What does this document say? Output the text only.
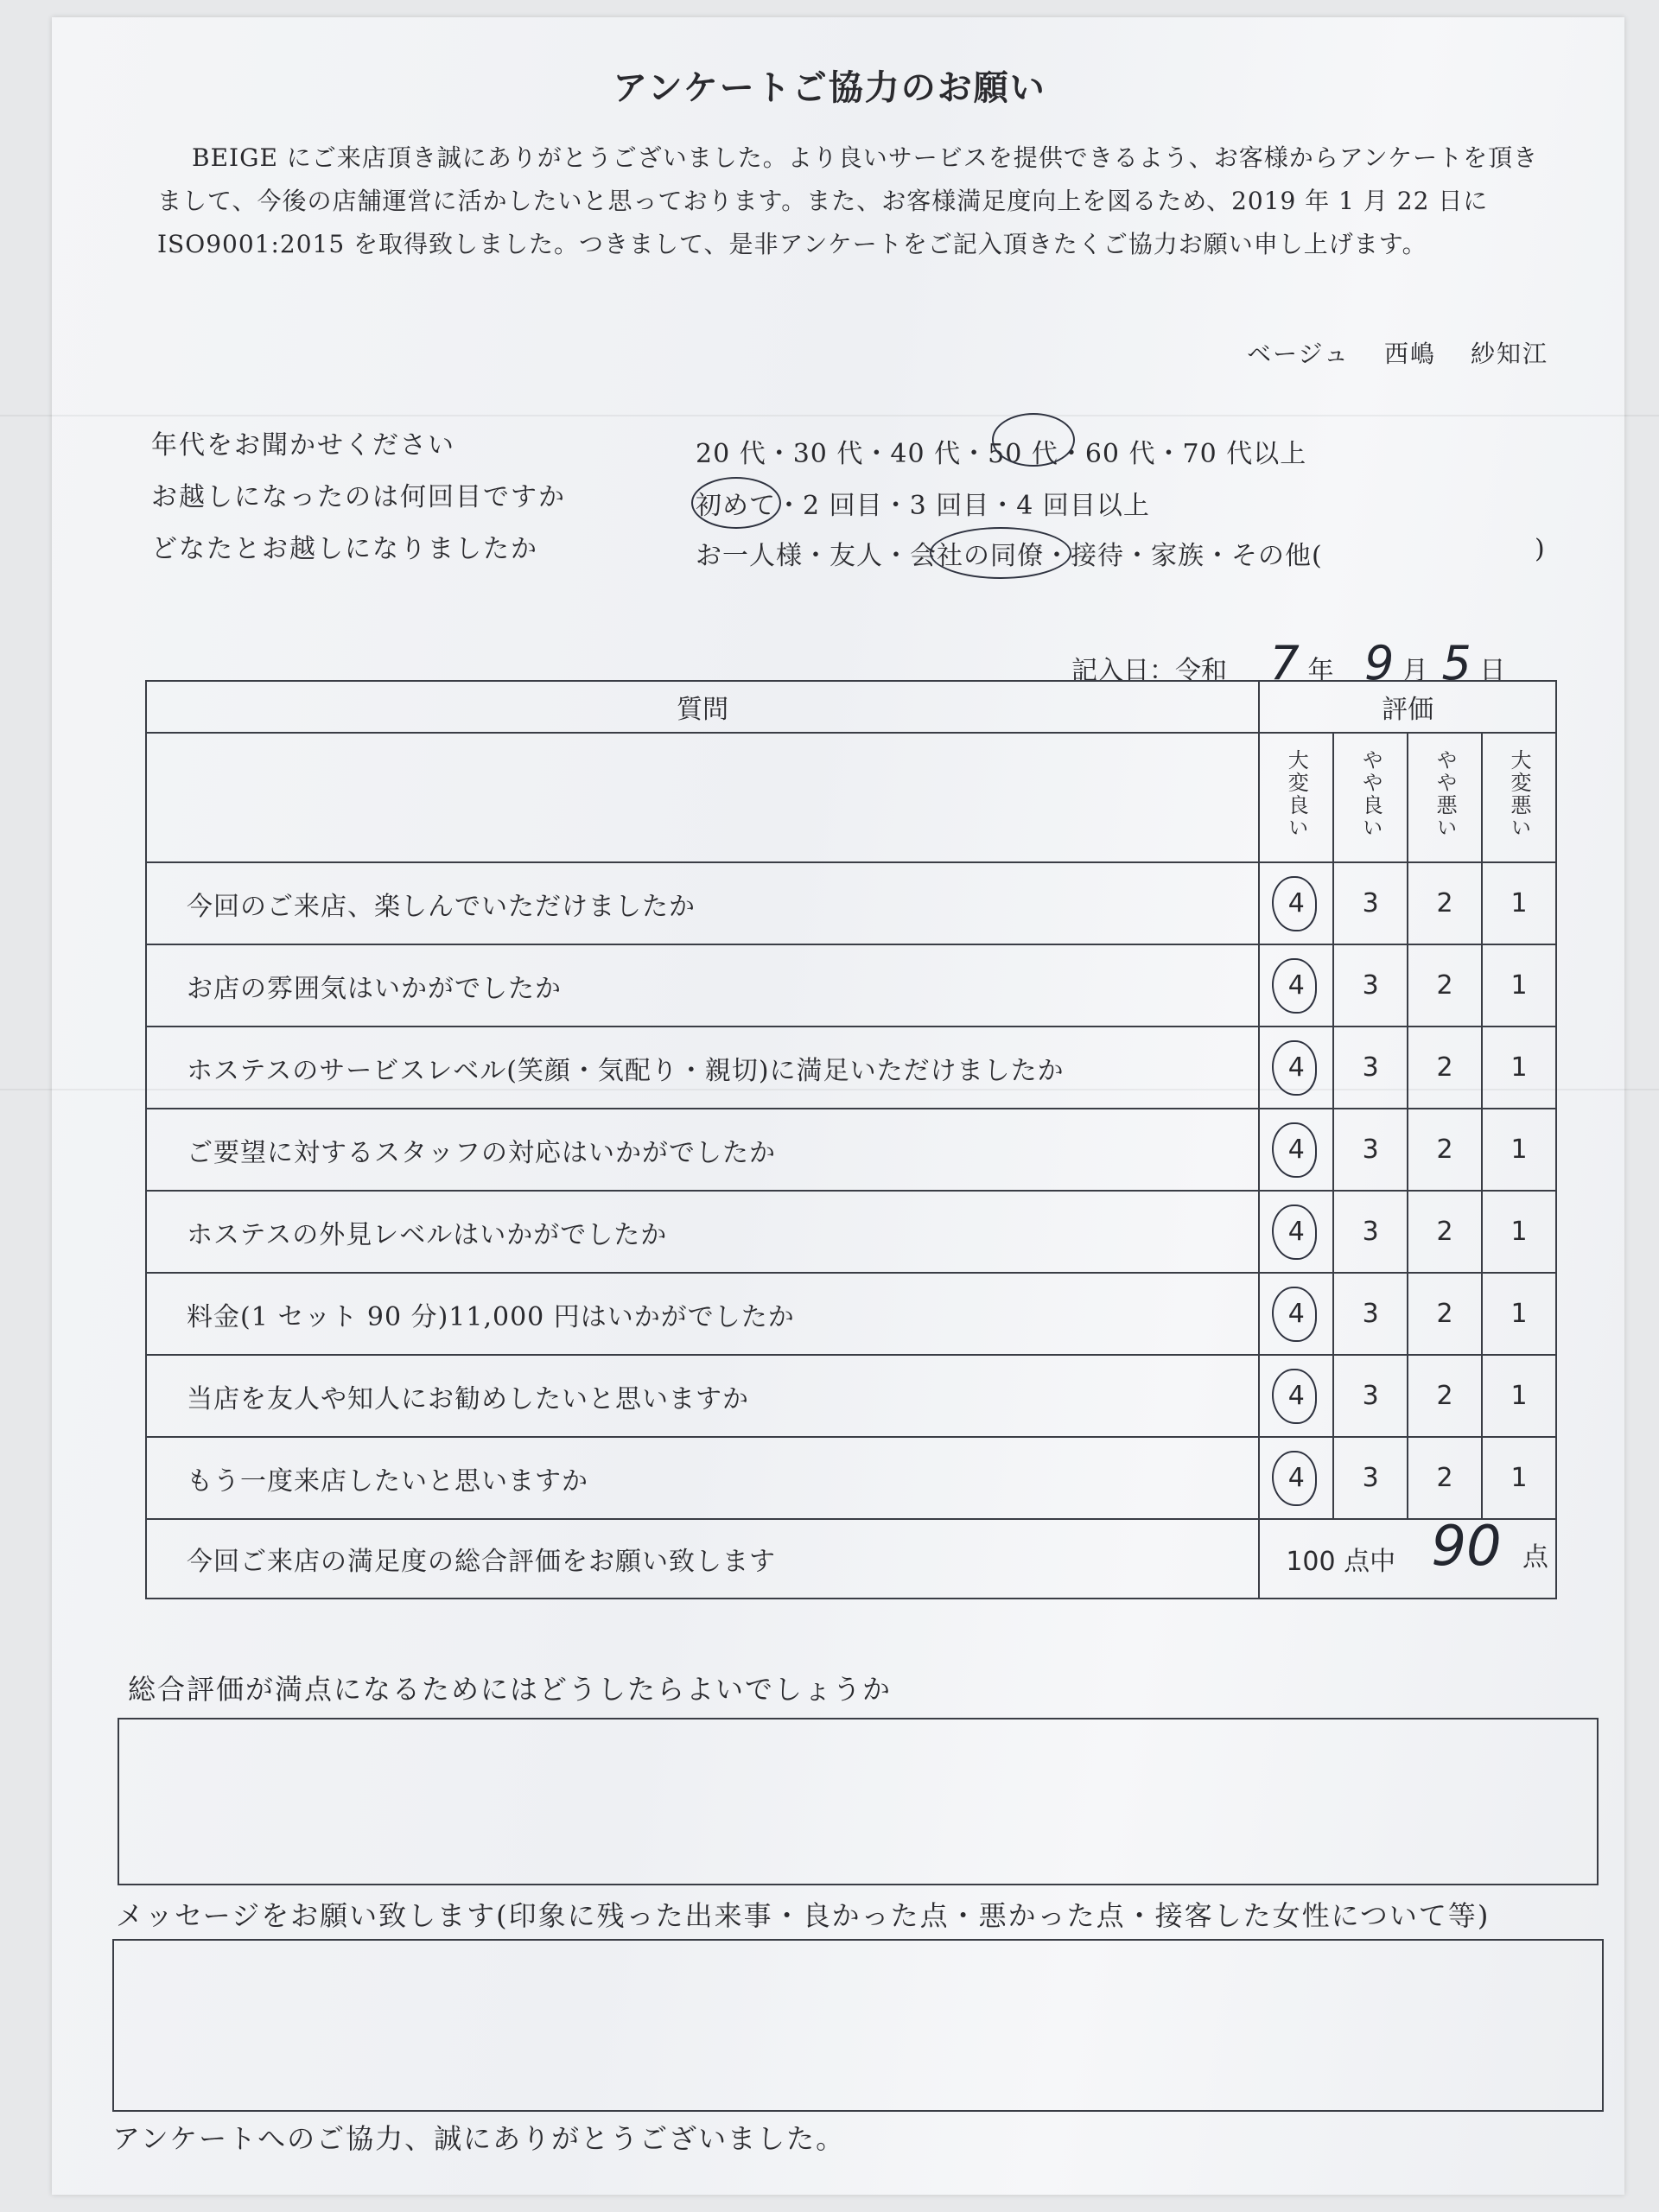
アンケートご協力のお願い
BEIGE にご来店頂き誠にありがとうございました。より良いサービスを提供できるよう、お客様からアンケートを頂きまして、今後の店舗運営に活かしたいと思っております。また、お客様満足度向上を図るため、2019 年 1 月 22 日に ISO9001:2015 を取得致しました。つきまして、是非アンケートをご記入頂きたくご協力お願い申し上げます。
ベージュ 西嶋 紗知江
年代をお聞かせください	20 代・30 代・40 代・50 代・60 代・70 代以上
お越しになったのは何回目ですか	初めて・2 回目・3 回目・4 回目以上
どなたとお越しになりましたか	お一人様・友人・会社の同僚・接待・家族・その他(	)
記入日：令和 7 年 9 月 5 日
質問	評価			
	大変良い	やや良い	やや悪い	大変悪い
今回のご来店、楽しんでいただけましたか	4	3	2	1
お店の雰囲気はいかがでしたか	4	3	2	1
ホステスのサービスレベル(笑顔・気配り・親切)に満足いただけましたか	4	3	2	1
ご要望に対するスタッフの対応はいかがでしたか	4	3	2	1
ホステスの外見レベルはいかがでしたか	4	3	2	1
料金(1 セット 90 分)11,000 円はいかがでしたか	4	3	2	1
当店を友人や知人にお勧めしたいと思いますか	4	3	2	1
もう一度来店したいと思いますか	4	3	2	1
今回ご来店の満足度の総合評価をお願い致します	100 点中 90 点			
総合評価が満点になるためにはどうしたらよいでしょうか
メッセージをお願い致します(印象に残った出来事・良かった点・悪かった点・接客した女性について等)
アンケートへのご協力、誠にありがとうございました。
